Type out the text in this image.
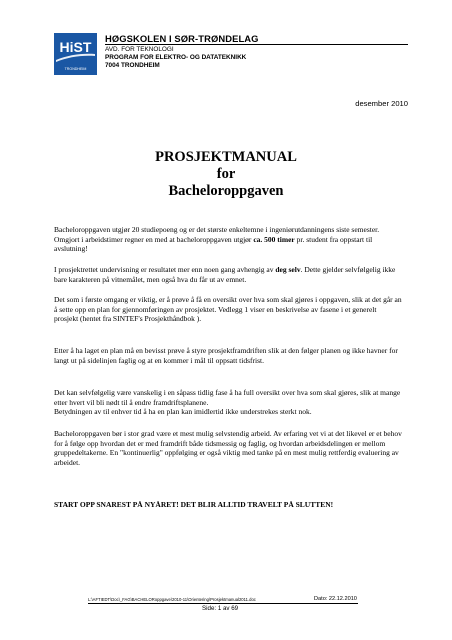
HiST
TRONDHEIM
HØGSKOLEN I SØR-TRØNDELAG
AVD. FOR TEKNOLOGI
PROGRAM FOR ELEKTRO- OG DATATEKNIKK
7004 TRONDHEIM
desember 2010
PROSJEKTMANUAL
for
Bacheloroppgaven

Bacheloroppgaven utgjør 20 studiepoeng og er det største enkeltemne i ingeniørutdanningens siste semester. Omgjort i arbeidstimer regner en med at bacheloroppgaven utgjør ca. 500 timer pr. student fra oppstart til avslutning!

I prosjektrettet undervisning er resultatet mer enn noen gang avhengig av deg selv. Dette gjelder selvfølgelig ikke bare karakteren på vitnemålet, men også hva du får ut av emnet.

Det som i første omgang er viktig, er å prøve å få en oversikt over hva som skal gjøres i oppgaven, slik at det går an å sette opp en plan for gjennomføringen av prosjektet. Vedlegg 1 viser en beskrivelse av fasene i et generelt prosjekt (hentet fra SINTEF's Prosjekthåndbok ).

Etter å ha laget en plan må en bevisst prøve å styre prosjektframdriften slik at den følger planen og ikke havner for langt ut på sidelinjen faglig og at en kommer i mål til oppsatt tidsfrist.

Det kan selvfølgelig være vanskelig i en såpass tidlig fase å ha full oversikt over hva som skal gjøres, slik at mange etter hvert vil bli nødt til å endre framdriftsplanene.

Betydningen av til enhver tid å ha en plan kan imidlertid ikke understrekes sterkt nok.

Bacheloroppgaven bør i stor grad være et mest mulig selvstendig arbeid. Av erfaring vet vi at det likevel er et behov for å følge opp hvordan det er med framdrift både tidsmessig og faglig, og hvordan arbeidsdelingen er mellom gruppedeltakerne. En "kontinuerlig" oppfølging er også viktig med tanke på en mest mulig rettferdig evaluering av arbeidet.

START OPP SNAREST PÅ NYÅRET! DET BLIR ALLTID TRAVELT PÅ SLUTTEN!

L:\AFTIEDT\Doc\_FAG\BACHELORoppgave\2010-11\Orientering\Prosjektmanual2011.doc	Dato: 22.12.2010
Side: 1 av 69
